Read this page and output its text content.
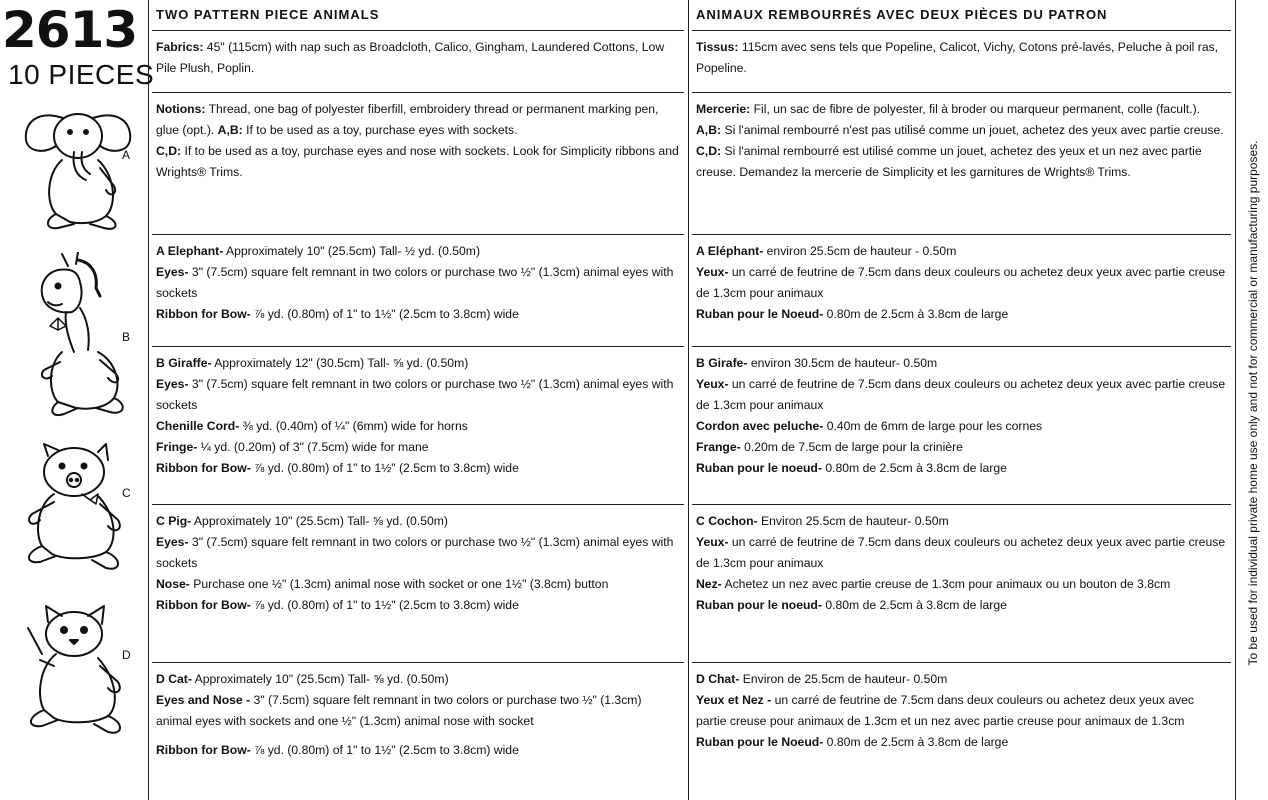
2613
10 PIECES
A
B
C
D
TWO PATTERN PIECE ANIMALS
Fabrics: 45" (115cm) with nap such as Broadcloth, Calico, Gingham, Laundered Cottons, Low Pile Plush, Poplin.
Notions: Thread, one bag of polyester fiberfill, embroidery thread or permanent marking pen, glue (opt.). A,B: If to be used as a toy, purchase eyes with sockets.
C,D: If to be used as a toy, purchase eyes and nose with sockets. Look for Simplicity ribbons and Wrights® Trims.
A Elephant- Approximately 10" (25.5cm) Tall- ½ yd. (0.50m)
Eyes- 3" (7.5cm) square felt remnant in two colors or purchase two ½" (1.3cm) animal eyes with sockets
Ribbon for Bow- ⅞ yd. (0.80m) of 1" to 1½" (2.5cm to 3.8cm) wide
B Giraffe- Approximately 12" (30.5cm) Tall- ⅝ yd. (0.50m)
Eyes- 3" (7.5cm) square felt remnant in two colors or purchase two ½" (1.3cm) animal eyes with sockets
Chenille Cord- ⅜ yd. (0.40m) of ¼" (6mm) wide for horns
Fringe- ¼ yd. (0.20m) of 3" (7.5cm) wide for mane
Ribbon for Bow- ⅞ yd. (0.80m) of 1" to 1½" (2.5cm to 3.8cm) wide
C Pig- Approximately 10" (25.5cm) Tall- ⅝ yd. (0.50m)
Eyes- 3" (7.5cm) square felt remnant in two colors or purchase two ½" (1.3cm) animal eyes with sockets
Nose- Purchase one ½" (1.3cm) animal nose with socket or one 1½" (3.8cm) button
Ribbon for Bow- ⅞ yd. (0.80m) of 1" to 1½" (2.5cm to 3.8cm) wide
D Cat- Approximately 10" (25.5cm) Tall- ⅝ yd. (0.50m)
Eyes and Nose - 3" (7.5cm) square felt remnant in two colors or purchase two ½" (1.3cm) animal eyes with sockets and one ½" (1.3cm) animal nose with socket
Ribbon for Bow- ⅞ yd. (0.80m) of 1" to 1½" (2.5cm to 3.8cm) wide
ANIMAUX REMBOURRÉS AVEC DEUX PIÈCES DU PATRON
Tissus: 115cm avec sens tels que Popeline, Calicot, Vichy, Cotons pré-lavés, Peluche à poil ras, Popeline.
Mercerie: Fil, un sac de fibre de polyester, fil à broder ou marqueur permanent, colle (facult.). A,B: Si l'animal rembourré n'est pas utilisé comme un jouet, achetez des yeux avec partie creuse. C,D: Si l'animal rembourré est utilisé comme un jouet, achetez des yeux et un nez avec partie creuse. Demandez la mercerie de Simplicity et les garnitures de Wrights® Trims.
A Eléphant- environ 25.5cm de hauteur - 0.50m
Yeux- un carré de feutrine de 7.5cm dans deux couleurs ou achetez deux yeux avec partie creuse de 1.3cm pour animaux
Ruban pour le Noeud- 0.80m de 2.5cm à 3.8cm de large
B Girafe- environ 30.5cm de hauteur- 0.50m
Yeux- un carré de feutrine de 7.5cm dans deux couleurs ou achetez deux yeux avec partie creuse de 1.3cm pour animaux
Cordon avec peluche- 0.40m de 6mm de large pour les cornes
Frange- 0.20m de 7.5cm de large pour la crinière
Ruban pour le noeud- 0.80m de 2.5cm à 3.8cm de large
C Cochon- Environ 25.5cm de hauteur- 0.50m
Yeux- un carré de feutrine de 7.5cm dans deux couleurs ou achetez deux yeux avec partie creuse de 1.3cm pour animaux
Nez- Achetez un nez avec partie creuse de 1.3cm pour animaux ou un bouton de 3.8cm
Ruban pour le noeud- 0.80m de 2.5cm à 3.8cm de large
D Chat- Environ de 25.5cm de hauteur- 0.50m
Yeux et Nez - un carré de feutrine de 7.5cm dans deux couleurs ou achetez deux yeux avec partie creuse pour animaux de 1.3cm et un nez avec partie creuse pour animaux de 1.3cm
Ruban pour le Noeud- 0.80m de 2.5cm à 3.8cm de large
To be used for individual private home use only and not for commercial or manufacturing purposes.
